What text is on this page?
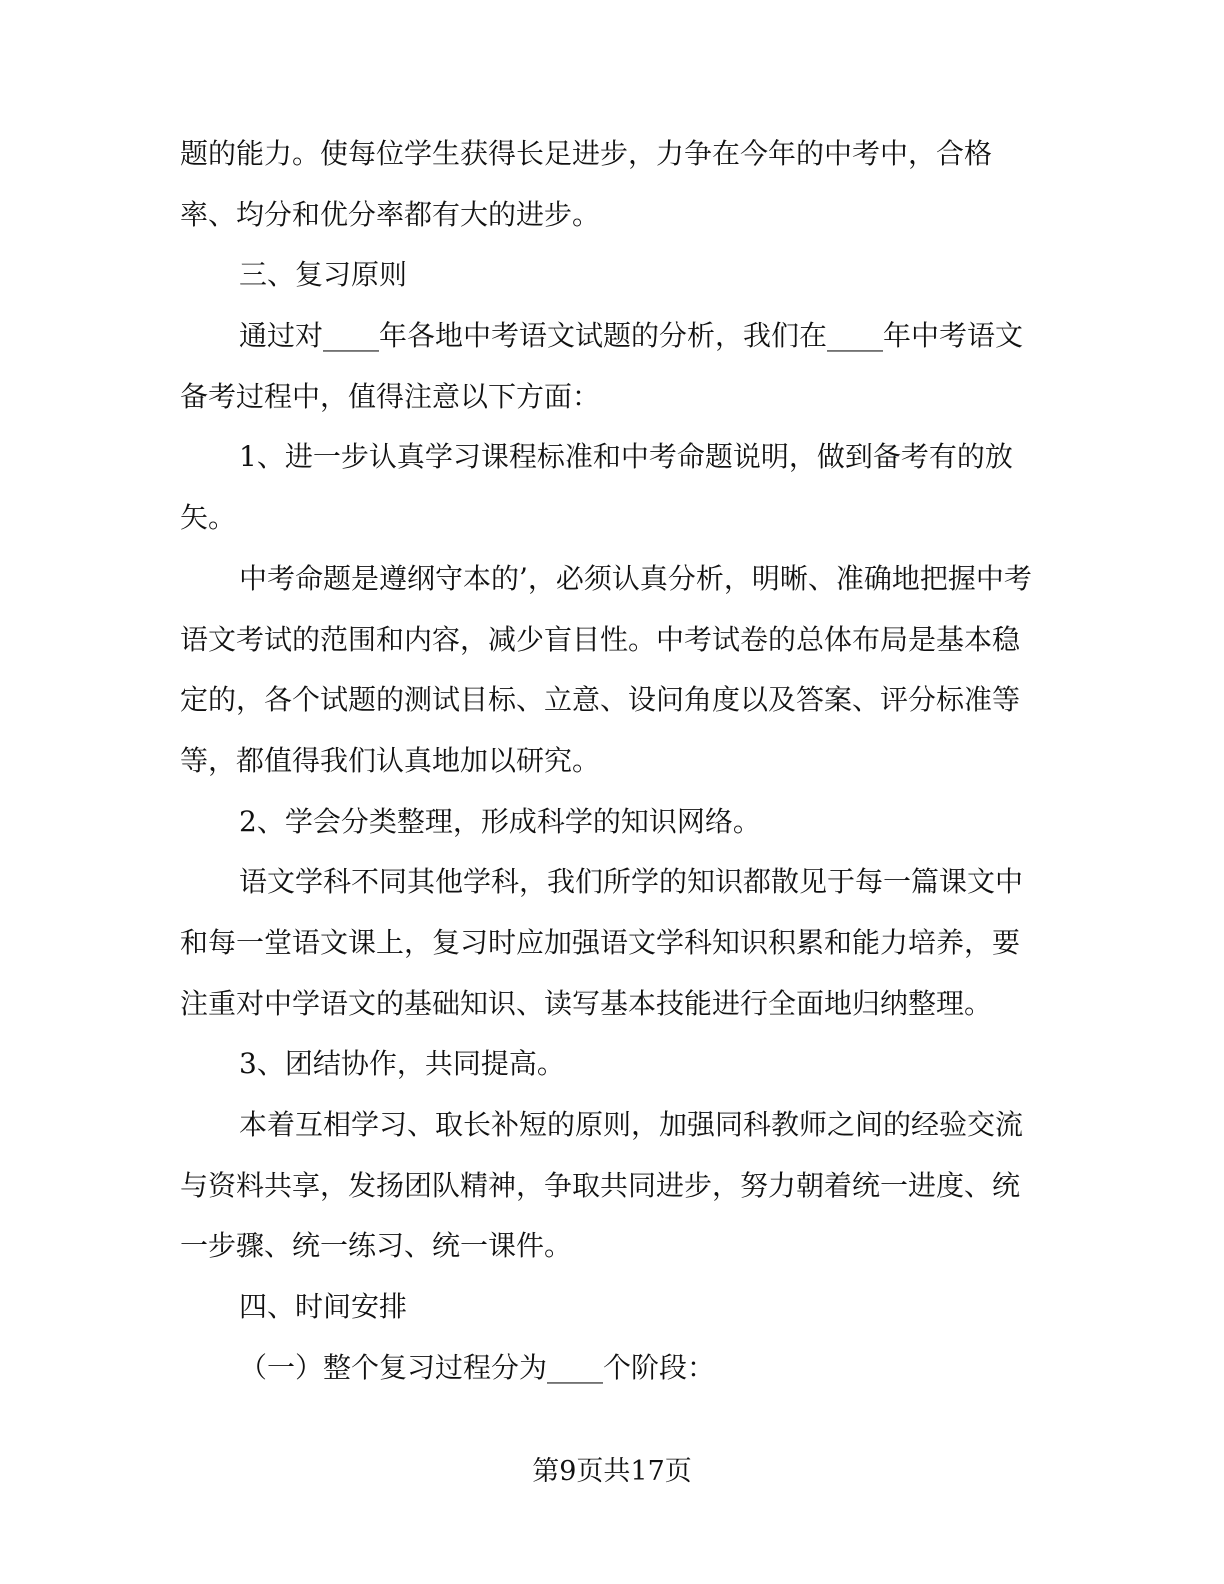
题的能力。使每位学生获得长足进步，力争在今年的中考中，合格
率、均分和优分率都有大的进步。
三、复习原则
通过对____年各地中考语文试题的分析，我们在____年中考语文
备考过程中，值得注意以下方面：
1、进一步认真学习课程标准和中考命题说明，做到备考有的放
矢。
中考命题是遵纲守本的’，必须认真分析，明晰、准确地把握中考
语文考试的范围和内容，减少盲目性。中考试卷的总体布局是基本稳
定的，各个试题的测试目标、立意、设问角度以及答案、评分标准等
等，都值得我们认真地加以研究。
2、学会分类整理，形成科学的知识网络。
语文学科不同其他学科，我们所学的知识都散见于每一篇课文中
和每一堂语文课上，复习时应加强语文学科知识积累和能力培养，要
注重对中学语文的基础知识、读写基本技能进行全面地归纳整理。
3、团结协作，共同提高。
本着互相学习、取长补短的原则，加强同科教师之间的经验交流
与资料共享，发扬团队精神，争取共同进步，努力朝着统一进度、统
一步骤、统一练习、统一课件。
四、时间安排
（一）整个复习过程分为____个阶段：
第9页共17页
